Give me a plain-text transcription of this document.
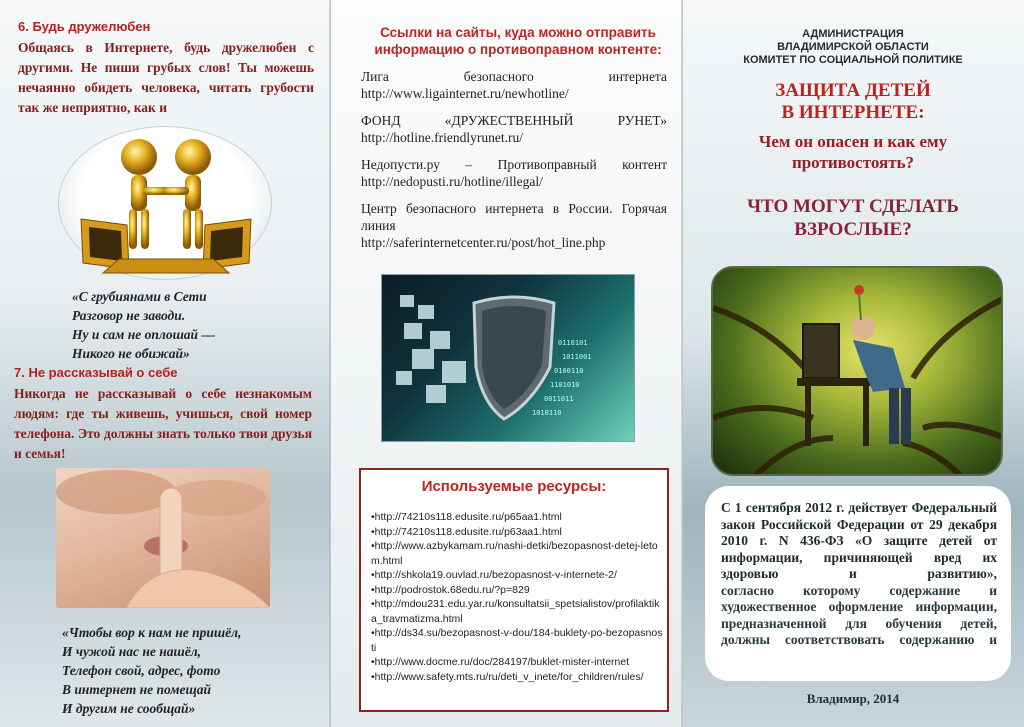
6. Будь дружелюбен
Общаясь в Интернете, будь дружелюбен с другими. Не пиши грубых слов! Ты можешь нечаянно обидеть человека, читать грубости так же неприятно, как и
«С грубиянами в Сети
Разговор не заводи.
Ну и сам не оплошай —
Никого не обижай»
7. Не рассказывай о себе
Никогда не рассказывай о себе незнакомым людям: где ты живешь, учишься, свой номер телефона. Это должны знать только твои друзья и семья!
«Чтобы вор к нам не пришёл,
И чужой нас не нашёл,
Телефон свой, адрес, фото
В интернет не помещай
И другим не сообщай»
Ссылки на сайты, куда можно отправить информацию о противоправном контенте:
Лига безопасного интернета
http://www.ligainternet.ru/newhotline/
ФОНД «ДРУЖЕСТВЕННЫЙ РУНЕТ»
http://hotline.friendlyrunet.ru/
Недопусти.ру – Противоправный контент
http://nedopusti.ru/hotline/illegal/
Центр безопасного интернета в России. Горячая линия
http://saferinternetcenter.ru/post/hot_line.php
0110101
1011001
0100110
1101010
0011011
1010110
Используемые ресурсы:
•http://74210s118.edusite.ru/p65aa1.html
•http://74210s118.edusite.ru/p63aa1.html
•http://www.azbykamam.ru/nashi-detki/bezopasnost-detej-letom.html
•http://shkola19.ouvlad.ru/bezopasnost-v-internete-2/
•http://podrostok.68edu.ru/?p=829
•http://mdou231.edu.yar.ru/konsultatsii_spetsialistov/profilaktika_travmatizma.html
•http://ds34.su/bezopasnost-v-dou/184-buklety-po-bezopasnosti
•http://www.docme.ru/doc/284197/buklet-mister-internet
•http://www.safety.mts.ru/ru/deti_v_inete/for_children/rules/
АДМИНИСТРАЦИЯ
ВЛАДИМИРСКОЙ ОБЛАСТИ
КОМИТЕТ ПО СОЦИАЛЬНОЙ ПОЛИТИКЕ
ЗАЩИТА ДЕТЕЙ
В ИНТЕРНЕТЕ:
Чем он опасен и как ему
противостоять?
ЧТО МОГУТ СДЕЛАТЬ
ВЗРОСЛЫЕ?
С 1 сентября 2012 г. действует Федеральный закон Российской Федерации от 29 декабря 2010 г. N 436-ФЗ «О защите детей от информации, причиняющей вред их здоровью и развитию»,
согласно которому содержание и художественное оформление информации, предназначенной для обучения детей, должны соответствовать содержанию и
Владимир, 2014
